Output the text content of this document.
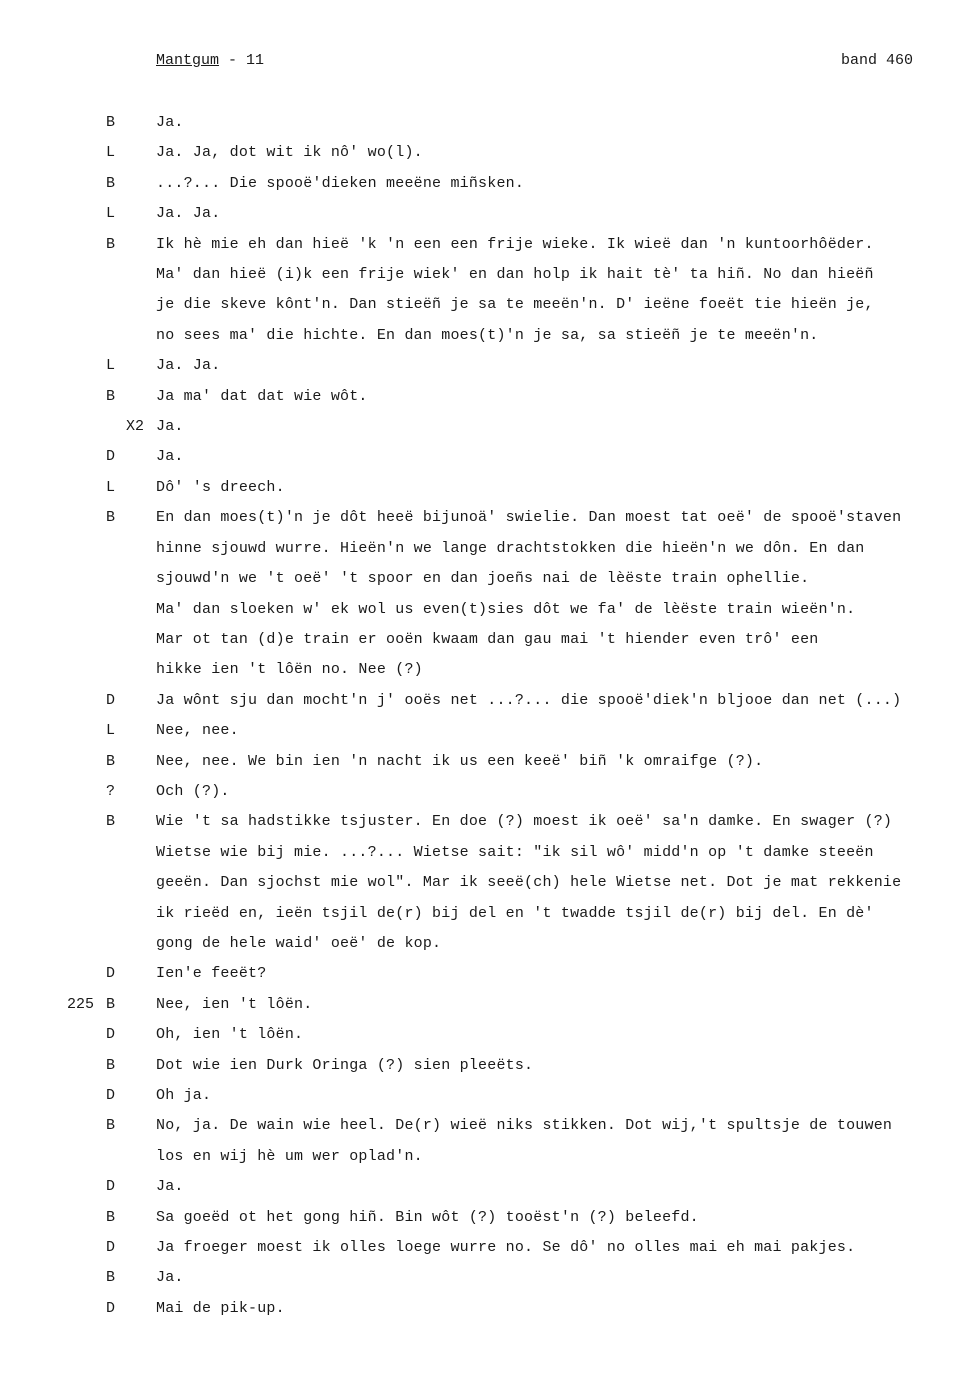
Mantgum - 11	band 460
B	Ja.
L	Ja. Ja, dot wit ik nô' wo(l).
B	...?... Die spooë'dieken meeëne miñsken.
L	Ja. Ja.
B	Ik hè mie eh dan hieë 'k 'n een een frije wieke. Ik wieë dan 'n kuntoorhôëder.
Ma' dan hieë (i)k een frije wiek' en dan holp ik hait tè' ta hiñ. No dan hieëñ
je die skeve kônt'n. Dan stieëñ je sa te meeën'n. D' ieëne foeët tie hieën je,
no sees ma' die hichte. En dan moes(t)'n je sa, sa stieëñ je te meeën'n.
L	Ja. Ja.
B	Ja ma' dat dat wie wôt.
X2 Ja.
D	Ja.
L	Dô' 's dreech.
B	En dan moes(t)'n je dôt heeë bijunoä' swielie. Dan moest tat oeë' de spooë'staven
hinne sjouwd wurre. Hieën'n we lange drachtstokken die hieën'n we dôn. En dan
sjouwd'n we 't oeë' 't spoor en dan joeñs nai de lèëste train ophellie.
Ma' dan sloeken w' ek wol us even(t)sies dôt we fa' de lèëste train wieën'n.
Mar ot tan (d)e train er ooën kwaam dan gau mai 't hiender even trô' een
hikke ien 't lôën no. Nee (?)
D	Ja wônt sju dan mocht'n j' ooës net ...?... die spooë'diek'n bljooe dan net (...)
L	Nee, nee.
B	Nee, nee. We bin ien 'n nacht ik us een keeë' biñ 'k omraifge (?).
?	Och (?).
B	Wie 't sa hadstikke tsjuster. En doe (?) moest ik oeë' sa'n damke. En swager (?)
Wietse wie bij mie. ...?... Wietse sait: "ik sil wô' midd'n op 't damke steeën
geeën. Dan sjochst mie wol". Mar ik seeë(ch) hele Wietse net. Dot je mat rekkenie
ik rieëd en, ieën tsjil de(r) bij del en 't twadde tsjil de(r) bij del. En dè'
gong de hele waid' oeë' de kop.
D	Ien'e feeët?
225 B	Nee, ien 't lôën.
D	Oh, ien 't lôën.
B	Dot wie ien Durk Oringa (?) sien pleeëts.
D	Oh ja.
B	No, ja. De wain wie heel. De(r) wieë niks stikken. Dot wij,'t spultsje de touwen
los en wij hè um wer oplad'n.
D	Ja.
B	Sa goeëd ot het gong hiñ. Bin wôt (?) tooëst'n (?) beleefd.
D	Ja froeger moest ik olles loege wurre no. Se dô' no olles mai eh mai pakjes.
B	Ja.
D	Mai de pik-up.
